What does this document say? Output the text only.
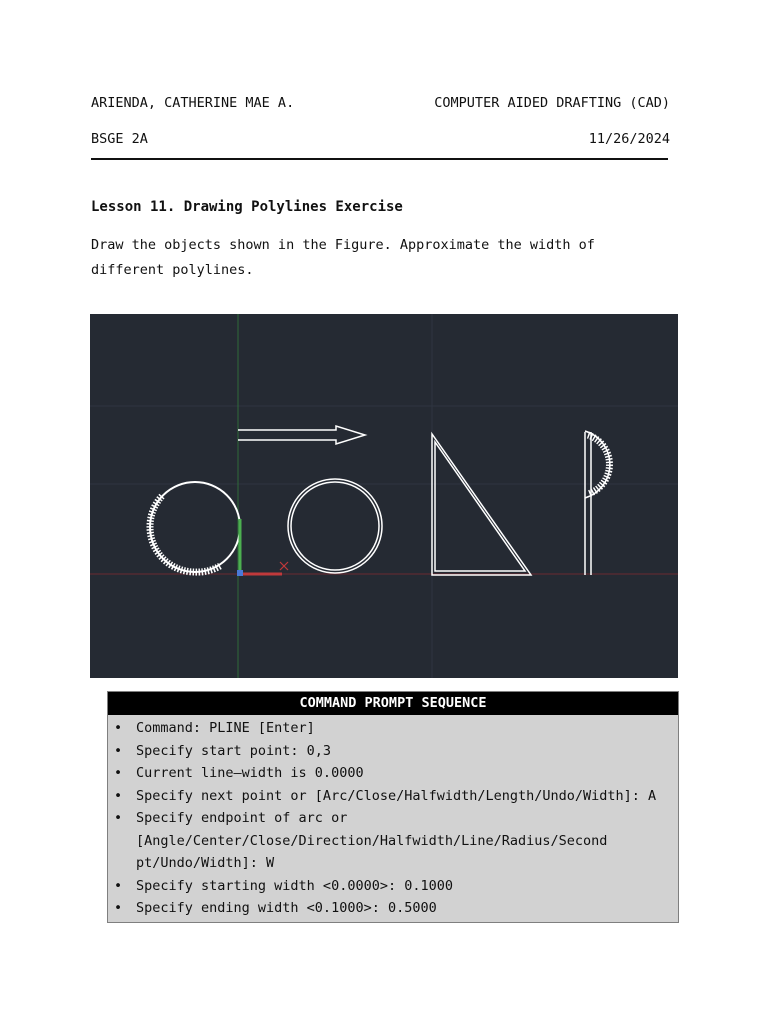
ARIENDA, CATHERINE MAE A.	COMPUTER AIDED DRAFTING (CAD)
BSGE 2A	11/26/2024
Lesson 11. Drawing Polylines Exercise
Draw the objects shown in the Figure. Approximate the width of different polylines.
COMMAND PROMPT SEQUENCE
• Command: PLINE [Enter]
• Specify start point: 0,3
• Current line–width is 0.0000
• Specify next point or [Arc/Close/Halfwidth/Length/Undo/Width]: A
• Specify endpoint of arc or [Angle/Center/Close/Direction/Halfwidth/Line/Radius/Second pt/Undo/Width]: W
• Specify starting width <0.0000>: 0.1000
• Specify ending width <0.1000>: 0.5000
